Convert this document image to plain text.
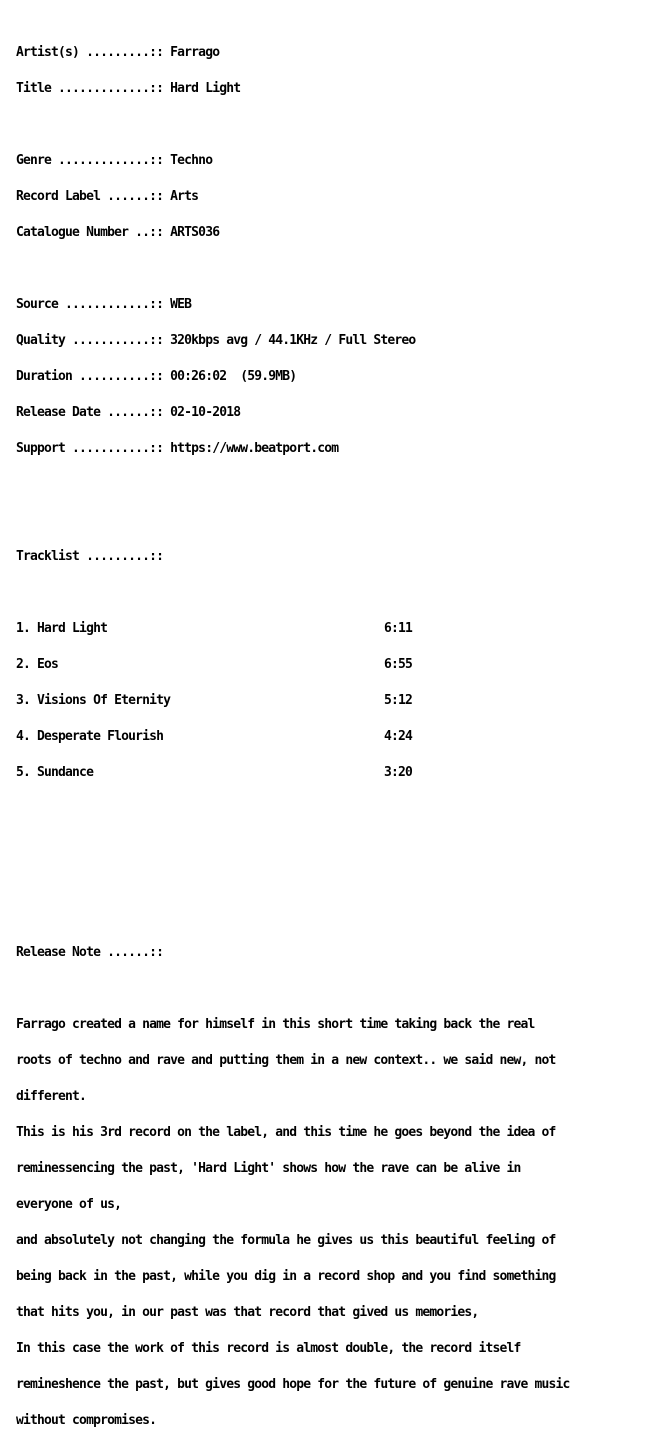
Artist(s) .........:: Farrago

Title .............:: Hard Light

Genre .............:: Techno

Record Label ......:: Arts

Catalogue Number ..:: ARTS036

Source ............:: WEB

Quality ...........:: 320kbps avg / 44.1KHz / Full Stereo

Duration ..........:: 00:26:02  (59.9MB)

Release Date ......:: 02-10-2018

Support ...........:: https://www.beatport.com

Tracklist .........::

1. Hard Light	6:11

2. Eos	6:55

3. Visions Of Eternity	5:12

4. Desperate Flourish	4:24

5. Sundance	3:20

Release Note ......::

Farrago created a name for himself in this short time taking back the real

roots of techno and rave and putting them in a new context.. we said new, not

different.

This is his 3rd record on the label, and this time he goes beyond the idea of

reminessencing the past, 'Hard Light' shows how the rave can be alive in

everyone of us,

and absolutely not changing the formula he gives us this beautiful feeling of

being back in the past, while you dig in a record shop and you find something

that hits you, in our past was that record that gived us memories,

In this case the work of this record is almost double, the record itself

remineshence the past, but gives good hope for the future of genuine rave music

without compromises.
